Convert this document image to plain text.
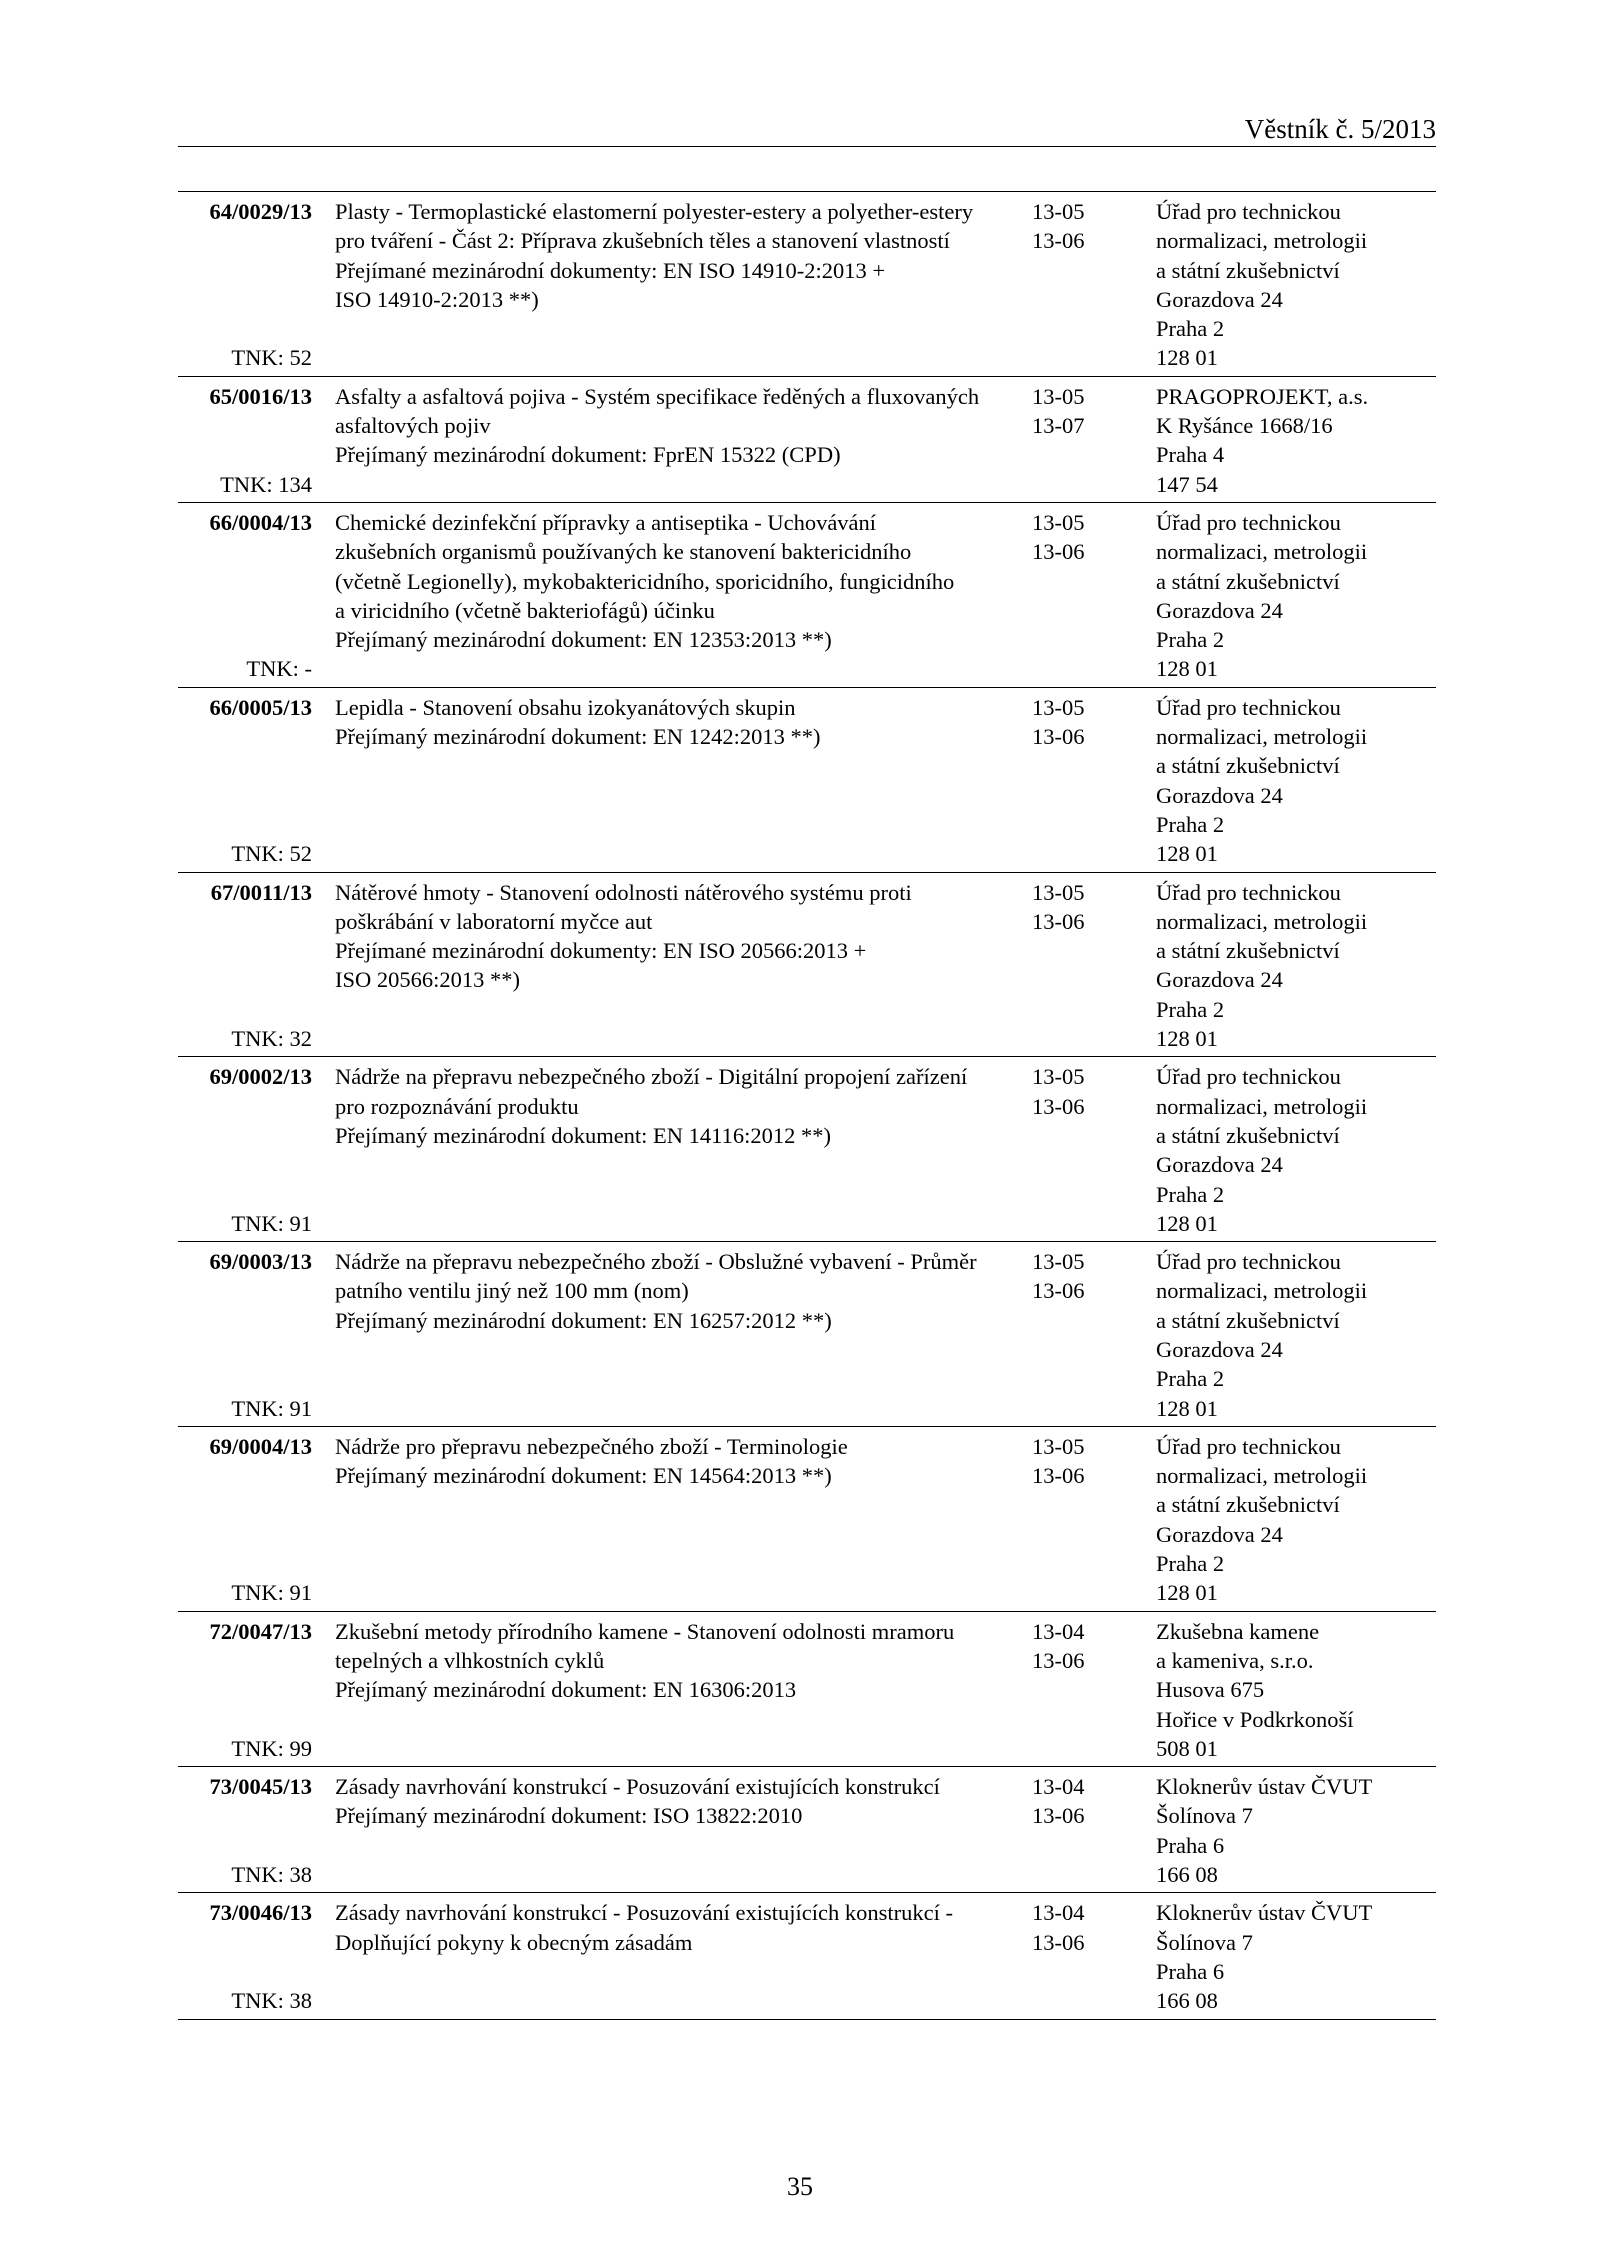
Věstník č. 5/2013
64/0029/13
TNK: 52
Plasty - Termoplastické elastomerní polyester-estery a polyether-estery
pro tváření - Část 2: Příprava zkušebních těles a stanovení vlastností
Přejímané mezinárodní dokumenty: EN ISO 14910-2:2013 +
ISO 14910-2:2013 **)
13-05
13-06
Úřad pro technickou
normalizaci, metrologii
a státní zkušebnictví
Gorazdova 24
Praha 2
128 01
65/0016/13
TNK: 134
Asfalty a asfaltová pojiva - Systém specifikace ředěných a fluxovaných
asfaltových pojiv
Přejímaný mezinárodní dokument: FprEN 15322 (CPD)
13-05
13-07
PRAGOPROJEKT, a.s.
K Ryšánce 1668/16
Praha 4
147 54
66/0004/13
TNK: -
Chemické dezinfekční přípravky a antiseptika - Uchovávání
zkušebních organismů používaných ke stanovení baktericidního
(včetně Legionelly), mykobaktericidního, sporicidního, fungicidního
a viricidního (včetně bakteriofágů) účinku
Přejímaný mezinárodní dokument: EN 12353:2013 **)
13-05
13-06
Úřad pro technickou
normalizaci, metrologii
a státní zkušebnictví
Gorazdova 24
Praha 2
128 01
66/0005/13
TNK: 52
Lepidla - Stanovení obsahu izokyanátových skupin
Přejímaný mezinárodní dokument: EN 1242:2013 **)
13-05
13-06
Úřad pro technickou
normalizaci, metrologii
a státní zkušebnictví
Gorazdova 24
Praha 2
128 01
67/0011/13
TNK: 32
Nátěrové hmoty - Stanovení odolnosti nátěrového systému proti
poškrábání v laboratorní myčce aut
Přejímané mezinárodní dokumenty: EN ISO 20566:2013 +
ISO 20566:2013 **)
13-05
13-06
Úřad pro technickou
normalizaci, metrologii
a státní zkušebnictví
Gorazdova 24
Praha 2
128 01
69/0002/13
TNK: 91
Nádrže na přepravu nebezpečného zboží - Digitální propojení zařízení
pro rozpoznávání produktu
Přejímaný mezinárodní dokument: EN 14116:2012 **)
13-05
13-06
Úřad pro technickou
normalizaci, metrologii
a státní zkušebnictví
Gorazdova 24
Praha 2
128 01
69/0003/13
TNK: 91
Nádrže na přepravu nebezpečného zboží - Obslužné vybavení - Průměr
patního ventilu jiný než 100 mm (nom)
Přejímaný mezinárodní dokument: EN 16257:2012 **)
13-05
13-06
Úřad pro technickou
normalizaci, metrologii
a státní zkušebnictví
Gorazdova 24
Praha 2
128 01
69/0004/13
TNK: 91
Nádrže pro přepravu nebezpečného zboží - Terminologie
Přejímaný mezinárodní dokument: EN 14564:2013 **)
13-05
13-06
Úřad pro technickou
normalizaci, metrologii
a státní zkušebnictví
Gorazdova 24
Praha 2
128 01
72/0047/13
TNK: 99
Zkušební metody přírodního kamene - Stanovení odolnosti mramoru
tepelných a vlhkostních cyklů
Přejímaný mezinárodní dokument: EN 16306:2013
13-04
13-06
Zkušebna kamene
a kameniva, s.r.o.
Husova 675
Hořice v Podkrkonoší
508 01
73/0045/13
TNK: 38
Zásady navrhování konstrukcí - Posuzování existujících konstrukcí
Přejímaný mezinárodní dokument: ISO 13822:2010
13-04
13-06
Kloknerův ústav ČVUT
Šolínova 7
Praha 6
166 08
73/0046/13
TNK: 38
Zásady navrhování konstrukcí - Posuzování existujících konstrukcí -
Doplňující pokyny k obecným zásadám
13-04
13-06
Kloknerův ústav ČVUT
Šolínova 7
Praha 6
166 08
35
